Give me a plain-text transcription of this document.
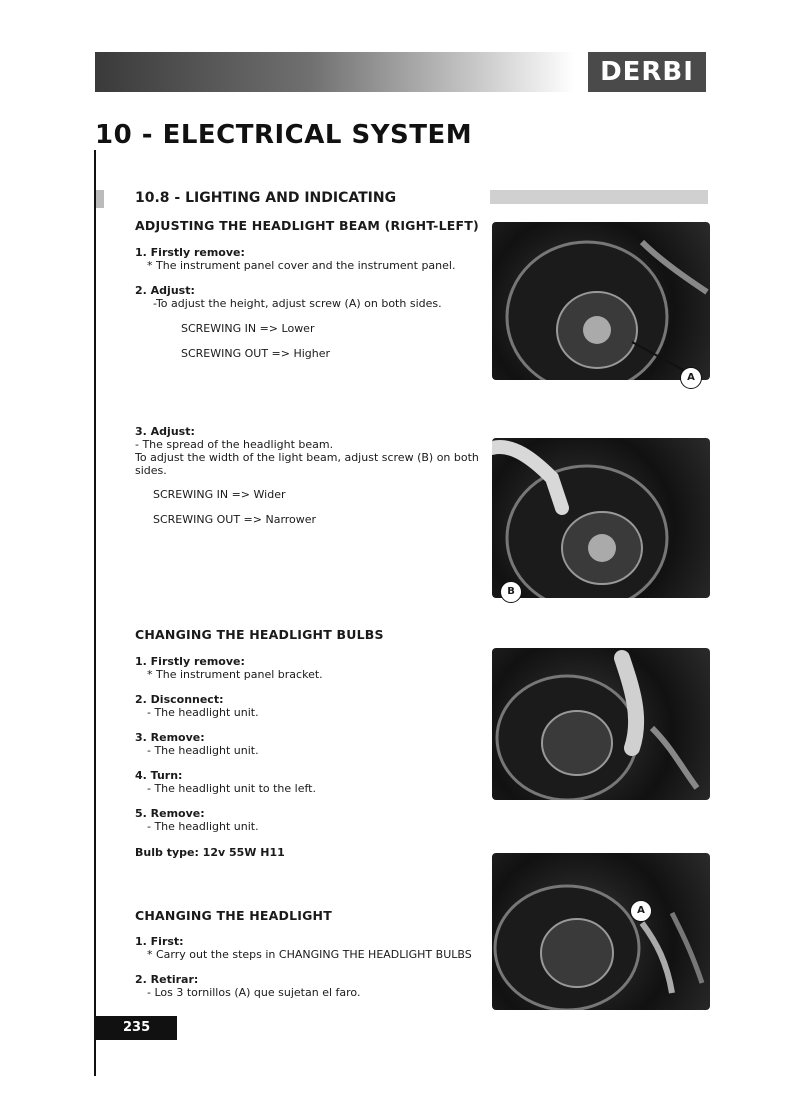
DERBI
10 - ELECTRICAL SYSTEM
10.8 - LIGHTING AND INDICATING
ADJUSTING THE HEADLIGHT BEAM (RIGHT-LEFT)
1. Firstly remove:
* The instrument panel cover and the instrument panel.
2. Adjust:
-To adjust the height, adjust screw (A) on both sides.
SCREWING IN => Lower
SCREWING OUT => Higher
3. Adjust:
- The spread of the headlight beam.
To adjust the width of the light beam, adjust screw (B) on both sides.
SCREWING IN => Wider
SCREWING OUT => Narrower
CHANGING THE HEADLIGHT BULBS
1. Firstly remove:
* The instrument panel bracket.
2. Disconnect:
- The headlight unit.
3. Remove:
- The headlight unit.
4. Turn:
- The headlight unit to the left.
5. Remove:
- The headlight unit.
Bulb type: 12v 55W H11
CHANGING THE HEADLIGHT
1. First:
* Carry out the steps in CHANGING THE HEADLIGHT BULBS
2. Retirar:
- Los 3 tornillos (A) que sujetan el faro.
A
B
A
235
